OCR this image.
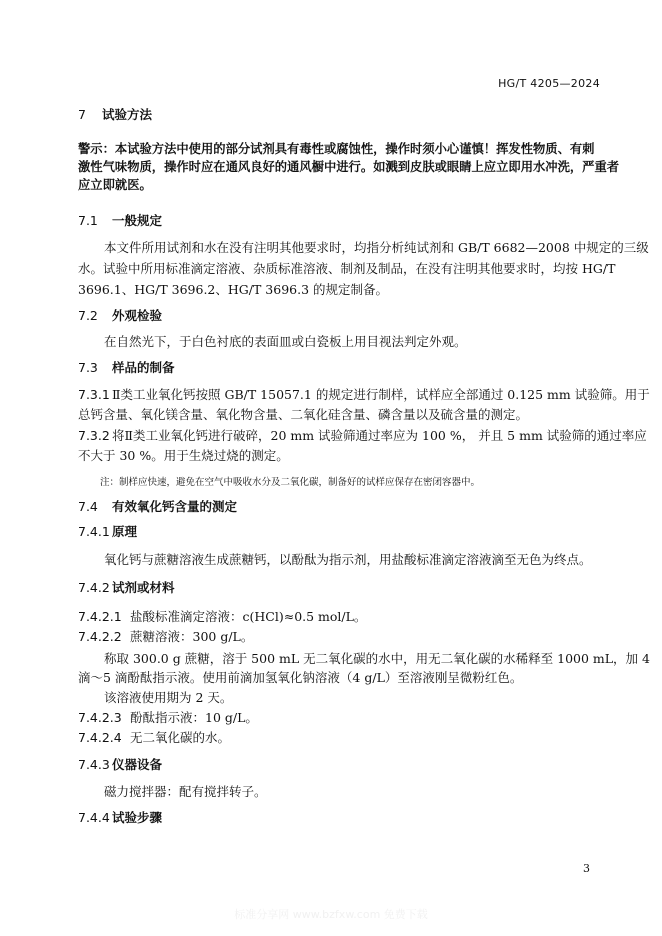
HG/T 4205—2024
7 试验方法
警示：本试验方法中使用的部分试剂具有毒性或腐蚀性，操作时须小心谨慎！挥发性物质、有刺
激性气味物质，操作时应在通风良好的通风橱中进行。如溅到皮肤或眼睛上应立即用水冲洗，严重者
应立即就医。
7.1 一般规定
本文件所用试剂和水在没有注明其他要求时，均指分析纯试剂和 GB/T 6682—2008 中规定的三级
水。试验中所用标准滴定溶液、杂质标准溶液、制剂及制品，在没有注明其他要求时，均按 HG/T
3696.1、HG/T 3696.2、HG/T 3696.3 的规定制备。
7.2 外观检验
在自然光下，于白色衬底的表面皿或白瓷板上用目视法判定外观。
7.3 样品的制备
7.3.1 Ⅱ类工业氧化钙按照 GB/T 15057.1 的规定进行制样，试样应全部通过 0.125 mm 试验筛。用于
总钙含量、氧化镁含量、氧化物含量、二氧化硅含量、磷含量以及硫含量的测定。
7.3.2 将Ⅱ类工业氧化钙进行破碎，20 mm 试验筛通过率应为 100 %， 并且 5 mm 试验筛的通过率应
不大于 30 %。用于生烧过烧的测定。
注：制样应快速，避免在空气中吸收水分及二氧化碳，制备好的试样应保存在密闭容器中。
7.4 有效氧化钙含量的测定
7.4.1 原理
氧化钙与蔗糖溶液生成蔗糖钙，以酚酞为指示剂，用盐酸标准滴定溶液滴至无色为终点。
7.4.2 试剂或材料
7.4.2.1 盐酸标准滴定溶液：c(HCl)≈0.5 mol/L。
7.4.2.2 蔗糖溶液：300 g/L。
称取 300.0 g 蔗糖，溶于 500 mL 无二氧化碳的水中，用无二氧化碳的水稀释至 1000 mL，加 4
滴～5 滴酚酞指示液。使用前滴加氢氧化钠溶液（4 g/L）至溶液刚呈微粉红色。
该溶液使用期为 2 天。
7.4.2.3 酚酞指示液：10 g/L。
7.4.2.4 无二氧化碳的水。
7.4.3 仪器设备
磁力搅拌器：配有搅拌转子。
7.4.4 试验步骤
3
标准分享网 www.bzfxw.com 免费下载
